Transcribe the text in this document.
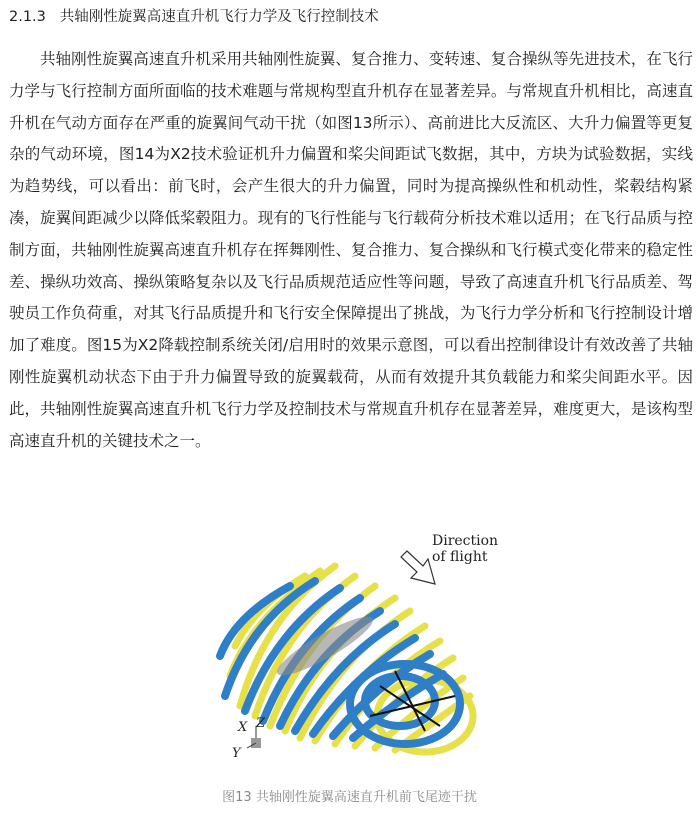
2.1.3 共轴刚性旋翼高速直升机飞行力学及飞行控制技术

共轴刚性旋翼高速直升机采用共轴刚性旋翼、复合推力、变转速、复合操纵等先进技术，在飞行力学与飞行控制方面所面临的技术难题与常规构型直升机存在显著差异。与常规直升机相比，高速直升机在气动方面存在严重的旋翼间气动干扰（如图13所示）、高前进比大反流区、大升力偏置等更复杂的气动环境，图14为X2技术验证机升力偏置和桨尖间距试飞数据，其中，方块为试验数据，实线为趋势线，可以看出：前飞时，会产生很大的升力偏置，同时为提高操纵性和机动性，桨毂结构紧凑，旋翼间距减少以降低桨毂阻力。现有的飞行性能与飞行载荷分析技术难以适用；在飞行品质与控制方面，共轴刚性旋翼高速直升机存在挥舞刚性、复合推力、复合操纵和飞行模式变化带来的稳定性差、操纵功效高、操纵策略复杂以及飞行品质规范适应性等问题，导致了高速直升机飞行品质差、驾驶员工作负荷重，对其飞行品质提升和飞行安全保障提出了挑战，为飞行力学分析和飞行控制设计增加了难度。图15为X2降载控制系统关闭/启用时的效果示意图，可以看出控制律设计有效改善了共轴刚性旋翼机动状态下由于升力偏置导致的旋翼载荷，从而有效提升其负载能力和桨尖间距水平。因此，共轴刚性旋翼高速直升机飞行力学及控制技术与常规直升机存在显著差异，难度更大，是该构型高速直升机的关键技术之一。

Direction
of flight
X Z
Y
图13 共轴刚性旋翼高速直升机前飞尾迹干扰
